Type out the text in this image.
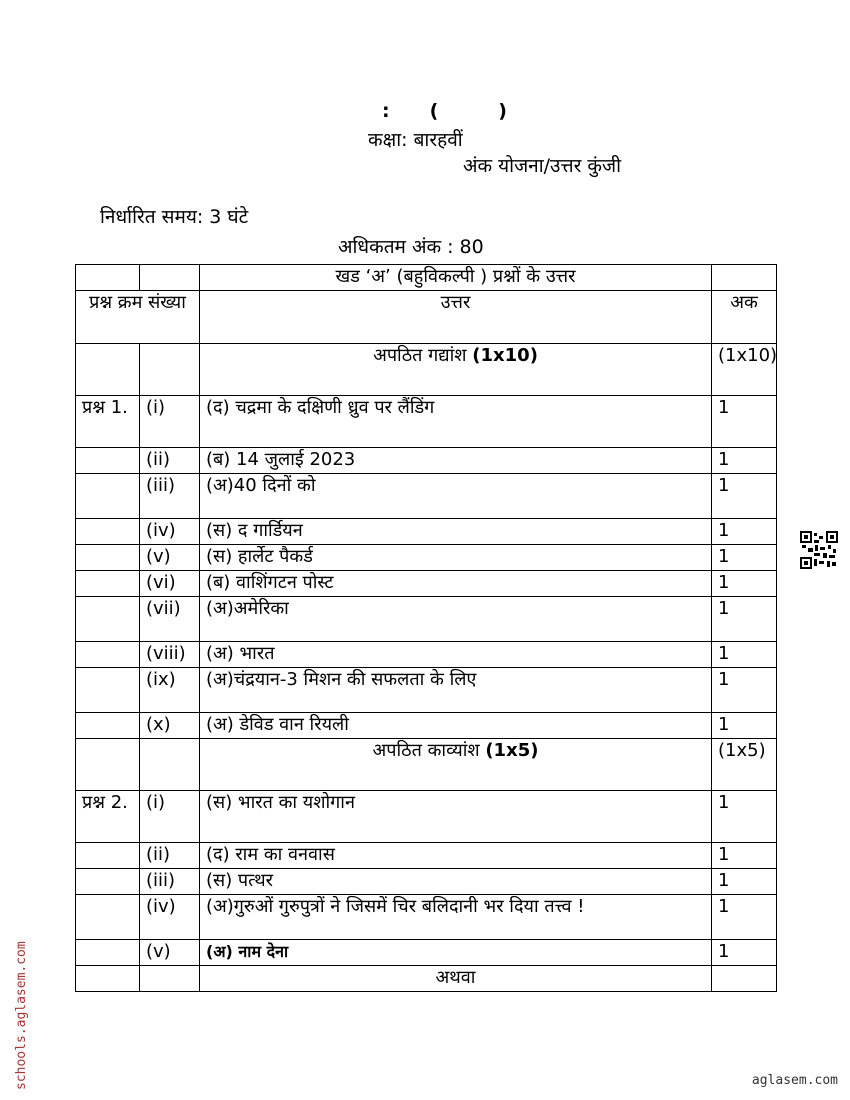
: (	)
कक्षा: बारहवीं
अंक योजना/उत्तर कुंजी
निर्धारित समय: 3 घंटे
अधिकतम अंक : 80
		खड ‘अ’ (बहुविकल्पी ) प्रश्नों के उत्तर	
प्रश्न क्रम संख्या		उत्तर	अक
		अपठित गद्यांश (1x10)	(1x10)
प्रश्न 1.	(i)	(द) चद्रमा के दक्षिणी ध्रुव पर लैंडिंग	1
	(ii)	(ब) 14 जुलाई 2023	1
	(iii)	(अ)40 दिनों को	1
	(iv)	(स) द गार्डियन	1
	(v)	(स) हार्लेट पैकर्ड	1
	(vi)	(ब) वाशिंगटन पोस्ट	1
	(vii)	(अ)अमेरिका	1
	(viii)	(अ) भारत	1
	(ix)	(अ)चंद्रयान-3 मिशन की सफलता के लिए	1
	(x)	(अ) डेविड वान रियली	1
		अपठित काव्यांश (1x5)	(1x5)
प्रश्न 2.	(i)	(स) भारत का यशोगान	1
	(ii)	(द) राम का वनवास	1
	(iii)	(स) पत्थर	1
	(iv)	(अ)गुरुओं गुरुपुत्रों ने जिसमें चिर बलिदानी भर दिया तत्त्व !	1
	(v)	(अ) नाम देना	1
		अथवा	
schools.aglasem.com	aglasem.com
